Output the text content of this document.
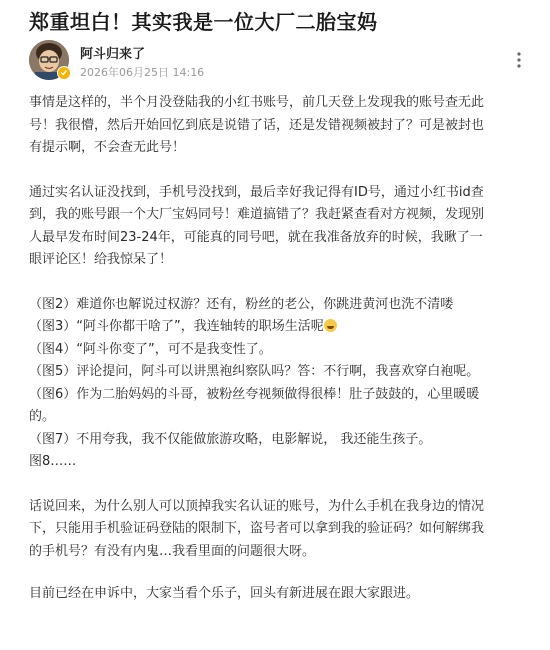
郑重坦白！其实我是一位大厂二胎宝妈
阿斗归来了
2026年06月25日 14:16
事情是这样的，半个月没登陆我的小红书账号，前几天登上发现我的账号查无此
号！我很懵，然后开始回忆到底是说错了话，还是发错视频被封了？可是被封也
有提示啊，不会查无此号！
通过实名认证没找到，手机号没找到，最后幸好我记得有ID号，通过小红书id查
到，我的账号跟一个大厂宝妈同号！难道搞错了？我赶紧查看对方视频，发现别
人最早发布时间23-24年，可能真的同号吧，就在我准备放弃的时候，我瞅了一
眼评论区！给我惊呆了！
（图2）难道你也解说过权游？还有，粉丝的老公，你跳进黄河也洗不清喽
（图3）“阿斗你都干啥了”，我连轴转的职场生活呢
（图4）“阿斗你变了”，可不是我变性了。
（图5）评论提问，阿斗可以讲黑袍纠察队吗？答：不行啊，我喜欢穿白袍呢。
（图6）作为二胎妈妈的斗哥，被粉丝夸视频做得很棒！肚子鼓鼓的，心里暖暖
的。
（图7）不用夸我，我不仅能做旅游攻略，电影解说， 我还能生孩子。
图8……
话说回来，为什么别人可以顶掉我实名认证的账号，为什么手机在我身边的情况
下，只能用手机验证码登陆的限制下，盗号者可以拿到我的验证码？如何解绑我
的手机号？有没有内鬼…我看里面的问题很大呀。
目前已经在申诉中，大家当看个乐子，回头有新进展在跟大家跟进。
